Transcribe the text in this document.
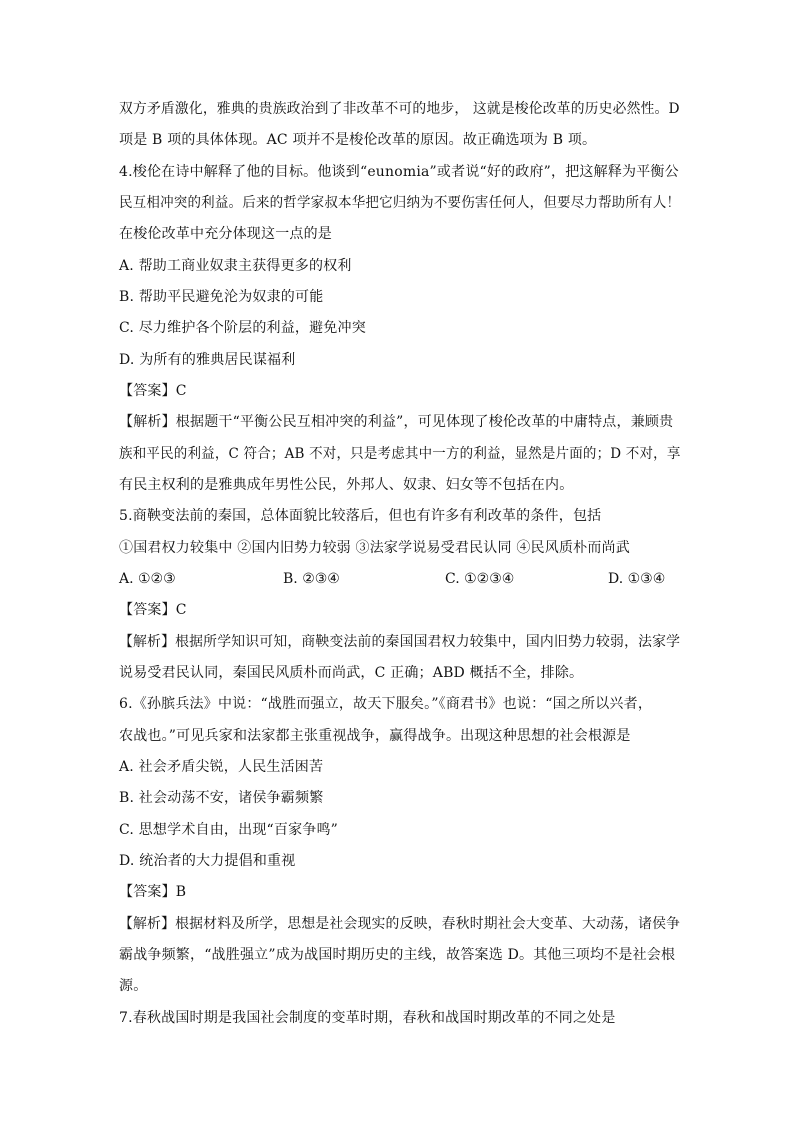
双方矛盾激化，雅典的贵族政治到了非改革不可的地步， 这就是梭伦改革的历史必然性。D
项是 B 项的具体体现。AC 项并不是梭伦改革的原因。故正确选项为 B 项。
4.梭伦在诗中解释了他的目标。他谈到“eunomia”或者说“好的政府”，把这解释为平衡公
民互相冲突的利益。后来的哲学家叔本华把它归纳为不要伤害任何人，但要尽力帮助所有人！
在梭伦改革中充分体现这一点的是
A. 帮助工商业奴隶主获得更多的权利
B. 帮助平民避免沦为奴隶的可能
C. 尽力维护各个阶层的利益，避免冲突
D. 为所有的雅典居民谋福利
【答案】C
【解析】根据题干“平衡公民互相冲突的利益”，可见体现了梭伦改革的中庸特点，兼顾贵
族和平民的利益，C 符合；AB 不对，只是考虑其中一方的利益，显然是片面的；D 不对，享
有民主权利的是雅典成年男性公民，外邦人、奴隶、妇女等不包括在内。
5.商鞅变法前的秦国，总体面貌比较落后，但也有许多有利改革的条件，包括
①国君权力较集中 ②国内旧势力较弱 ③法家学说易受君民认同 ④民风质朴而尚武
A. ①②③	B. ②③④	C. ①②③④	D. ①③④
【答案】C
【解析】根据所学知识可知，商鞅变法前的秦国国君权力较集中，国内旧势力较弱，法家学
说易受君民认同，秦国民风质朴而尚武，C 正确；ABD 概括不全，排除。
6.《孙膑兵法》中说：“战胜而强立，故天下服矣。”《商君书》也说：“国之所以兴者，
农战也。”可见兵家和法家都主张重视战争，赢得战争。出现这种思想的社会根源是
A. 社会矛盾尖锐，人民生活困苦
B. 社会动荡不安，诸侯争霸频繁
C. 思想学术自由，出现“百家争鸣”
D. 统治者的大力提倡和重视
【答案】B
【解析】根据材料及所学，思想是社会现实的反映，春秋时期社会大变革、大动荡，诸侯争
霸战争频繁，“战胜强立”成为战国时期历史的主线，故答案选 D。其他三项均不是社会根
源。
7.春秋战国时期是我国社会制度的变革时期，春秋和战国时期改革的不同之处是
